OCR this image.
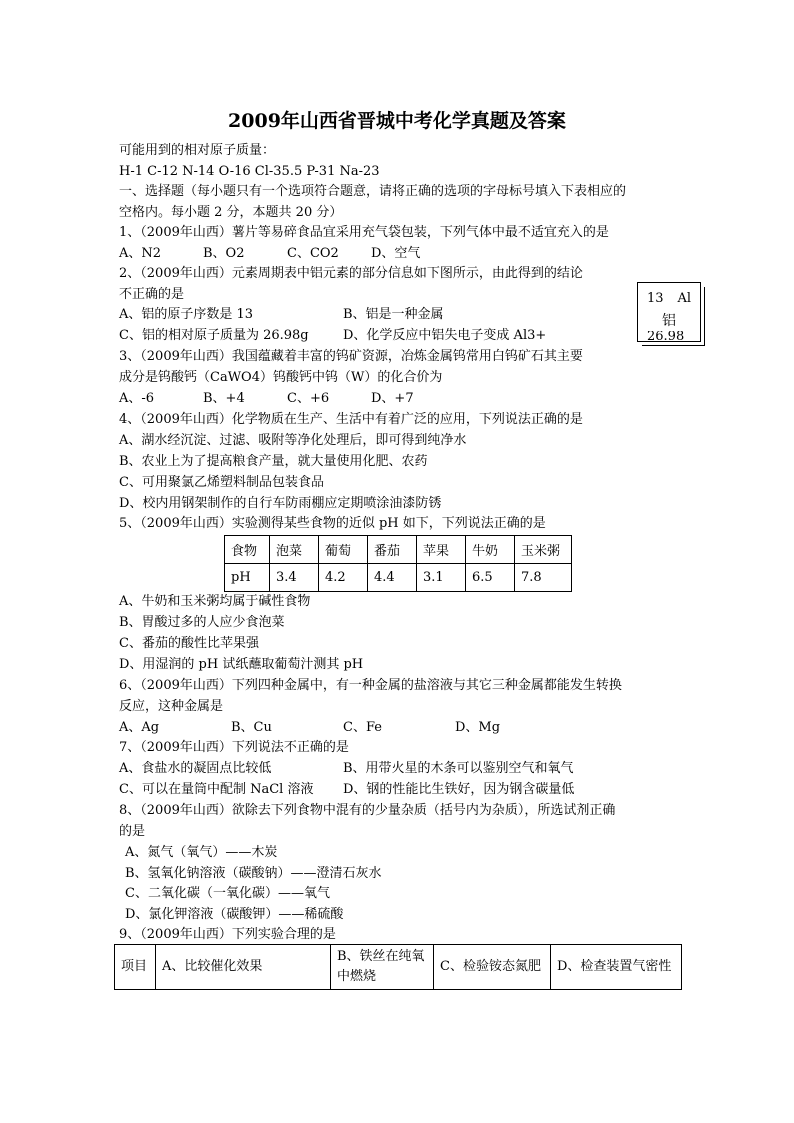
2009年山西省晋城中考化学真题及答案
可能用到的相对原子质量：
H-1 C-12 N-14 O-16 Cl-35.5 P-31 Na-23
一、选择题（每小题只有一个选项符合题意，请将正确的选项的字母标号填入下表相应的
空格内。每小题 2 分，本题共 20 分）
1、（2009年山西）薯片等易碎食品宜采用充气袋包装，下列气体中最不适宜充入的是
A、N2	B、O2	C、CO2 D、空气
2、（2009年山西）元素周期表中铝元素的部分信息如下图所示，由此得到的结论
不正确的是
A、铝的原子序数是 13	B、铝是一种金属
C、铝的相对原子质量为 26.98g	D、化学反应中铝失电子变成 Al3+
13 Al
铝
26.98
3、（2009年山西）我国蕴藏着丰富的钨矿资源，冶炼金属钨常用白钨矿石其主要
成分是钨酸钙（CaWO4）钨酸钙中钨（W）的化合价为
A、-6	B、+4	C、+6	D、+7
4、（2009年山西）化学物质在生产、生活中有着广泛的应用，下列说法正确的是
A、湖水经沉淀、过滤、吸附等净化处理后，即可得到纯净水
B、农业上为了提高粮食产量，就大量使用化肥、农药
C、可用聚氯乙烯塑料制品包装食品
D、校内用钢架制作的自行车防雨棚应定期喷涂油漆防锈
5、（2009年山西）实验测得某些食物的近似 pH 如下，下列说法正确的是
食物	泡菜	葡萄	番茄	苹果	牛奶	玉米粥
pH	3.4	4.2	4.4	3.1	6.5	7.8
A、牛奶和玉米粥均属于碱性食物
B、胃酸过多的人应少食泡菜
C、番茄的酸性比苹果强
D、用湿润的 pH 试纸蘸取葡萄汁测其 pH
6、（2009年山西）下列四种金属中，有一种金属的盐溶液与其它三种金属都能发生转换
反应，这种金属是
A、Ag	B、Cu	C、Fe	D、Mg
7、（2009年山西）下列说法不正确的是
A、食盐水的凝固点比较低	B、用带火星的木条可以鉴别空气和氧气
C、可以在量筒中配制 NaCl 溶液 D、钢的性能比生铁好，因为钢含碳量低
8、（2009年山西）欲除去下列食物中混有的少量杂质（括号内为杂质），所选试剂正确
的是
A、氮气（氧气）——木炭
B、氢氧化钠溶液（碳酸钠）——澄清石灰水
C、二氧化碳（一氧化碳）——氧气
D、氯化钾溶液（碳酸钾）——稀硫酸
9、（2009年山西）下列实验合理的是
项目	A、比较催化效果	B、铁丝在纯氧中燃烧	C、检验铵态氮肥	D、检查装置气密性
